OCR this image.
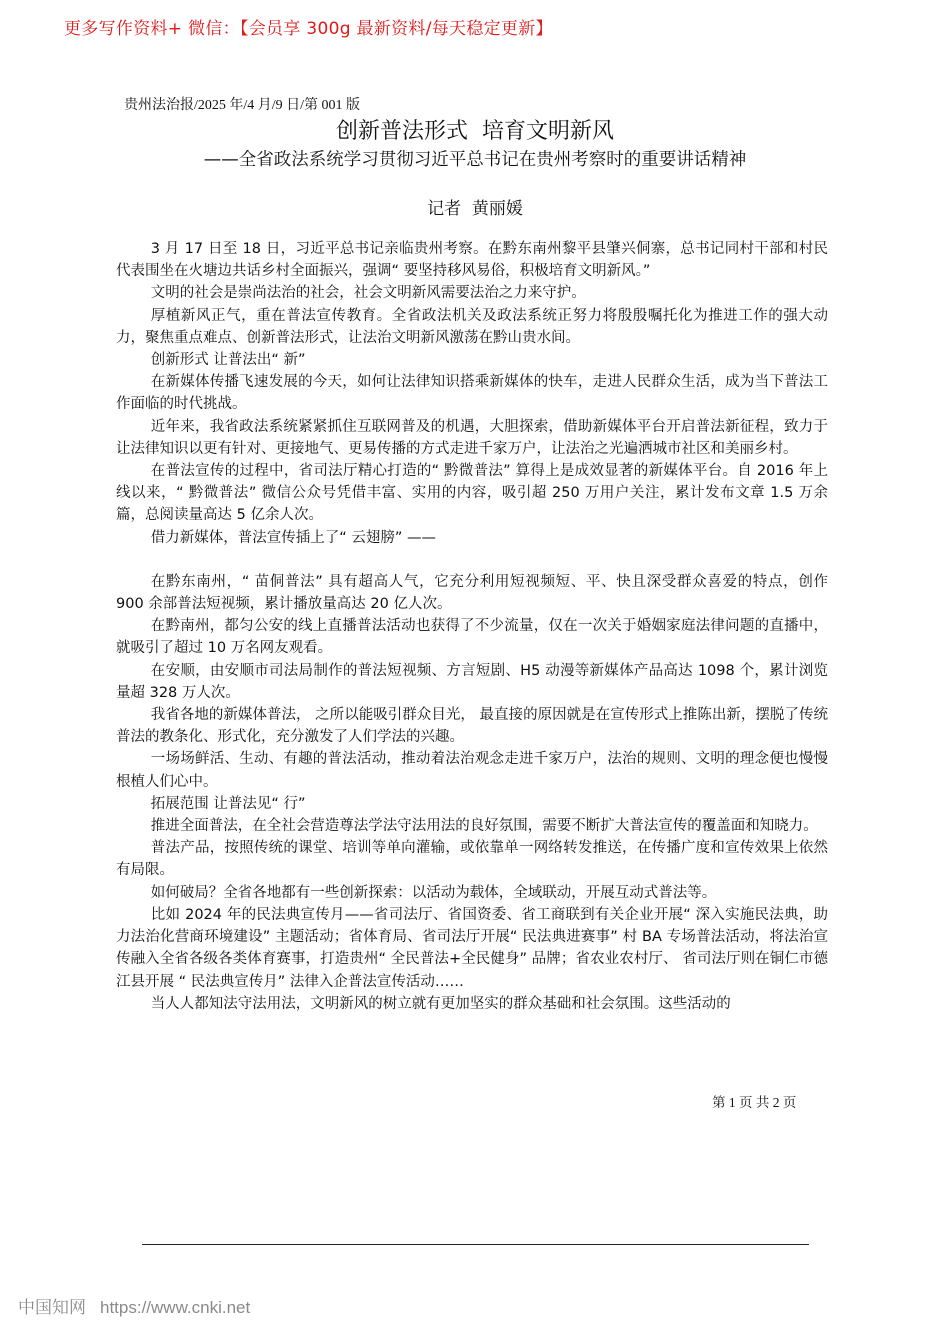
更多写作资料+ 微信：【会员享 300g 最新资料/每天稳定更新】
贵州法治报/2025 年/4 月/9 日/第 001 版
创新普法形式  培育文明新风
——全省政法系统学习贯彻习近平总书记在贵州考察时的重要讲话精神
记者  黄丽媛

3 月 17 日至 18 日，习近平总书记亲临贵州考察。在黔东南州黎平县肇兴侗寨，总书记同村干部和村民代表围坐在火塘边共话乡村全面振兴，强调“ 要坚持移风易俗，积极培育文明新风。”

文明的社会是崇尚法治的社会，社会文明新风需要法治之力来守护。

厚植新风正气，重在普法宣传教育。全省政法机关及政法系统正努力将殷殷嘱托化为推进工作的强大动力，聚焦重点难点、创新普法形式，让法治文明新风激荡在黔山贵水间。

创新形式 让普法出“ 新”

在新媒体传播飞速发展的今天，如何让法律知识搭乘新媒体的快车，走进人民群众生活，成为当下普法工作面临的时代挑战。

近年来，我省政法系统紧紧抓住互联网普及的机遇，大胆探索，借助新媒体平台开启普法新征程，致力于让法律知识以更有针对、更接地气、更易传播的方式走进千家万户，让法治之光遍洒城市社区和美丽乡村。

在普法宣传的过程中，省司法厅精心打造的“ 黔微普法” 算得上是成效显著的新媒体平台。自 2016 年上线以来，“ 黔微普法” 微信公众号凭借丰富、实用的内容，吸引超 250 万用户关注，累计发布文章 1.5 万余篇，总阅读量高达 5 亿余人次。

借力新媒体，普法宣传插上了“ 云翅膀” ——

在黔东南州，“ 苗侗普法” 具有超高人气，它充分利用短视频短、平、快且深受群众喜爱的特点，创作 900 余部普法短视频，累计播放量高达 20 亿人次。

在黔南州，都匀公安的线上直播普法活动也获得了不少流量，仅在一次关于婚姻家庭法律问题的直播中，就吸引了超过 10 万名网友观看。

在安顺，由安顺市司法局制作的普法短视频、方言短剧、H5 动漫等新媒体产品高达 1098 个，累计浏览量超 328 万人次。

我省各地的新媒体普法， 之所以能吸引群众目光， 最直接的原因就是在宣传形式上推陈出新，摆脱了传统普法的教条化、形式化，充分激发了人们学法的兴趣。

一场场鲜活、生动、有趣的普法活动，推动着法治观念走进千家万户，法治的规则、文明的理念便也慢慢根植人们心中。

拓展范围 让普法见“ 行”

推进全面普法，在全社会营造尊法学法守法用法的良好氛围，需要不断扩大普法宣传的覆盖面和知晓力。

普法产品，按照传统的课堂、培训等单向灌输，或依靠单一网络转发推送，在传播广度和宣传效果上依然有局限。

如何破局？全省各地都有一些创新探索：以活动为载体，全域联动，开展互动式普法等。

比如 2024 年的民法典宣传月——省司法厅、省国资委、省工商联到有关企业开展“ 深入实施民法典，助力法治化营商环境建设” 主题活动；省体育局、省司法厅开展“ 民法典进赛事” 村 BA 专场普法活动，将法治宣传融入全省各级各类体育赛事，打造贵州“ 全民普法+全民健身” 品牌；省农业农村厅、 省司法厅则在铜仁市德江县开展 “ 民法典宣传月” 法律入企普法宣传活动……

当人人都知法守法用法，文明新风的树立就有更加坚实的群众基础和社会氛围。这些活动的

第 1 页 共 2 页
中国知网 https://www.cnki.net
